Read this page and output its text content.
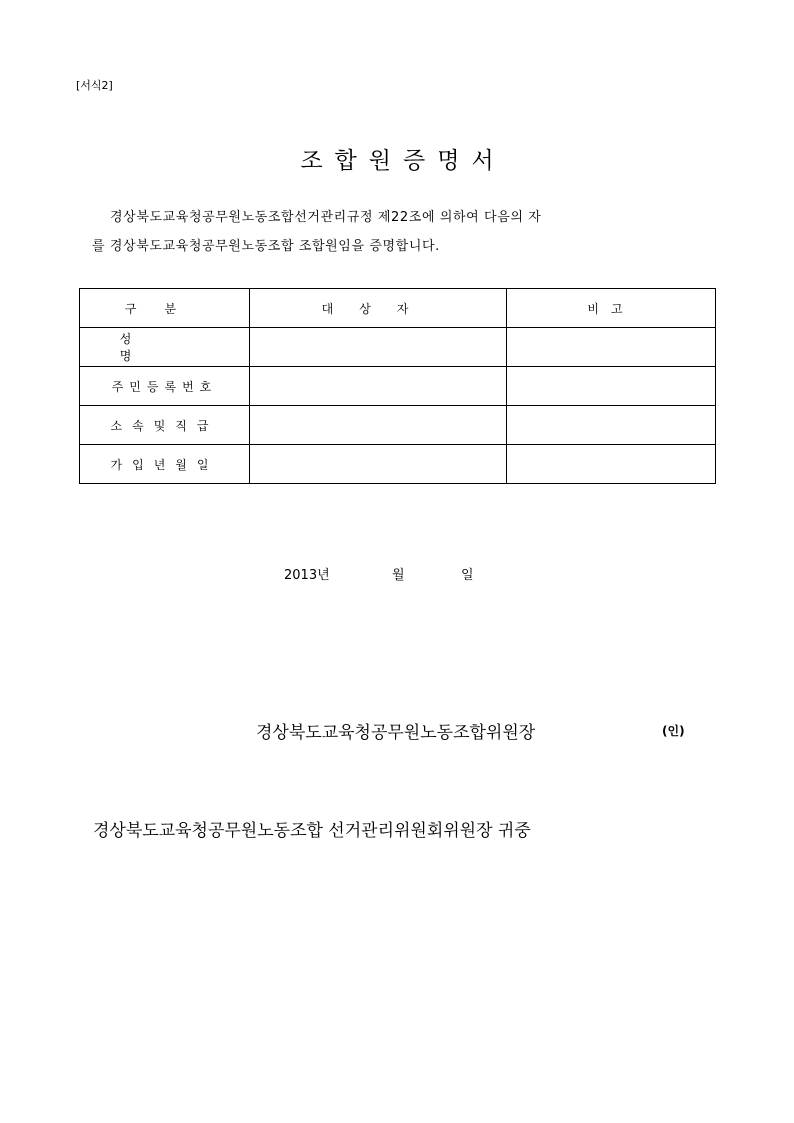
[서식2]
조합원증명서
경상북도교육청공무원노동조합선거관리규정 제22조에 의하여 다음의 자
를 경상북도교육청공무원노동조합 조합원임을 증명합니다.
구분	대상자	비고
성명		
주민등록번호		
소속및직급		
가입년월일		
2013년	월	일
경상북도교육청공무원노동조합위원장	(인)
경상북도교육청공무원노동조합 선거관리위원회위원장 귀중
